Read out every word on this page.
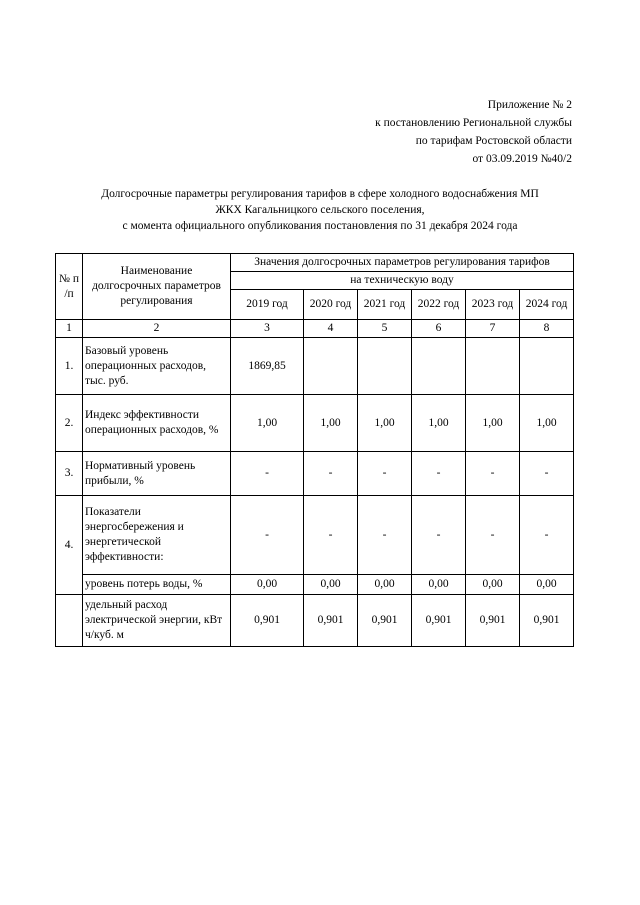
Приложение № 2
к постановлению Региональной службы
по тарифам Ростовской области
от 03.09.2019 №40/2
Долгосрочные параметры регулирования тарифов в сфере холодного водоснабжения МП
ЖКХ Кагальницкого сельского поселения,
с момента официального опубликования постановления по 31 декабря 2024 года
№ п /п	Наименование долгосрочных параметров регулирования	Значения долгосрочных параметров регулирования тарифов					
		на техническую воду					
		2019 год	2020 год	2021 год	2022 год	2023 год	2024 год
1	2	3	4	5	6	7	8
1.	Базовый уровень операционных расходов, тыс. руб.	1869,85					
2.	Индекс эффективности операционных расходов, %	1,00	1,00	1,00	1,00	1,00	1,00
3.	Нормативный уровень прибыли, %	-	-	-	-	-	-
4.	Показатели энергосбережения и энергетической эффективности:	-	-	-	-	-	-
	уровень потерь воды, %	0,00	0,00	0,00	0,00	0,00	0,00
	удельный расход электрической энергии, кВт ч/куб. м	0,901	0,901	0,901	0,901	0,901	0,901
